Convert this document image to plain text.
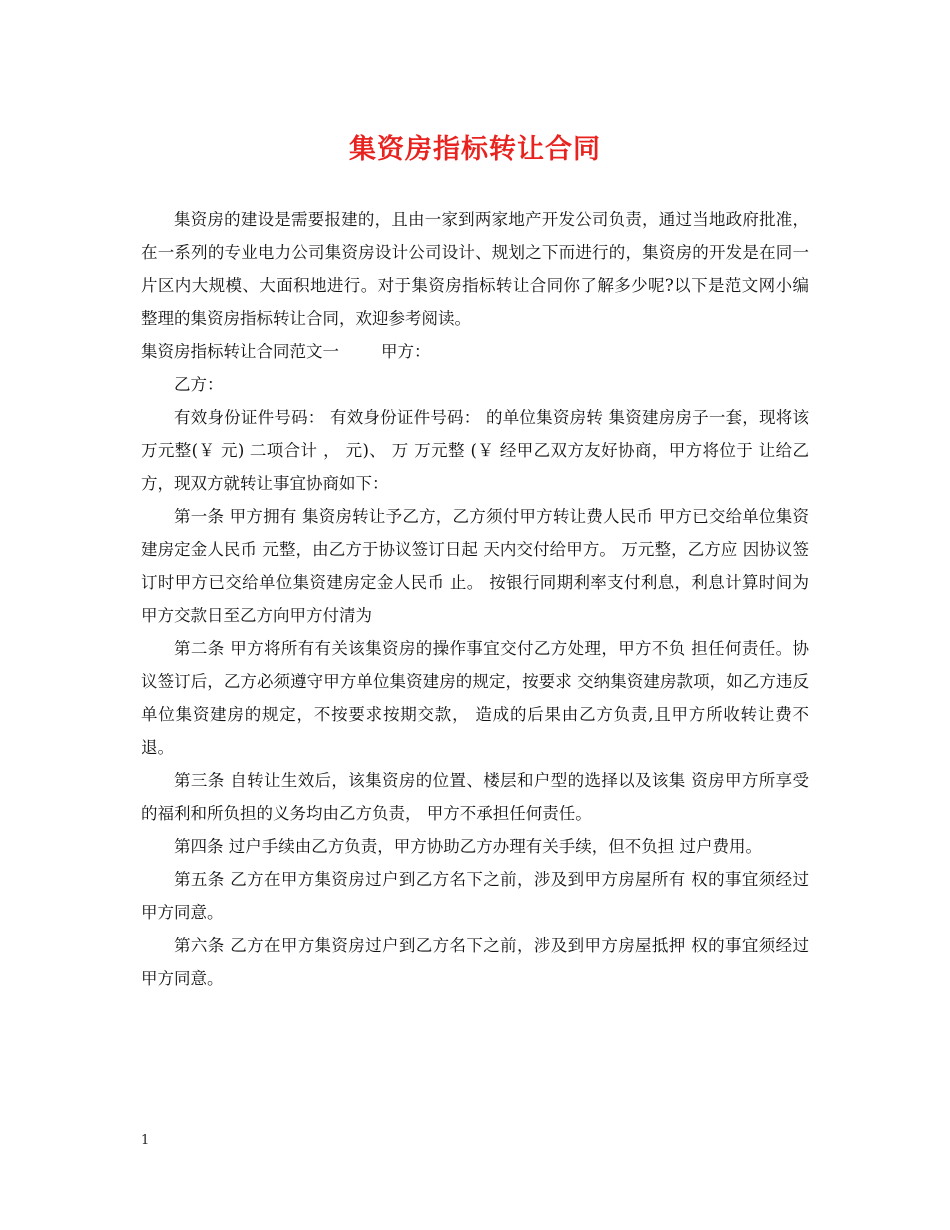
集资房指标转让合同

集资房的建设是需要报建的，且由一家到两家地产开发公司负责，通过当地政府批准，在一系列的专业电力公司集资房设计公司设计、规划之下而进行的，集资房的开发是在同一片区内大规模、大面积地进行。对于集资房指标转让合同你了解多少呢?以下是范文网小编整理的集资房指标转让合同，欢迎参考阅读。

集资房指标转让合同范文一        甲方：

乙方：

有效身份证件号码： 有效身份证件号码： 的单位集资房转 集资建房房子一套，现将该 万元整(￥ 元) 二项合计 ， 元)、 万 万元整 (￥ 经甲乙双方友好协商，甲方将位于 让给乙方，现双方就转让事宜协商如下：

第一条 甲方拥有 集资房转让予乙方，乙方须付甲方转让费人民币 甲方已交给单位集资建房定金人民币 元整，由乙方于协议签订日起 天内交付给甲方。 万元整，乙方应 因协议签订时甲方已交给单位集资建房定金人民币 止。 按银行同期利率支付利息，利息计算时间为甲方交款日至乙方向甲方付清为

第二条 甲方将所有有关该集资房的操作事宜交付乙方处理，甲方不负 担任何责任。协议签订后，乙方必须遵守甲方单位集资建房的规定，按要求 交纳集资建房款项，如乙方违反单位集资建房的规定，不按要求按期交款， 造成的后果由乙方负责,且甲方所收转让费不退。

第三条 自转让生效后，该集资房的位置、楼层和户型的选择以及该集 资房甲方所享受的福利和所负担的义务均由乙方负责， 甲方不承担任何责任。

第四条 过户手续由乙方负责，甲方协助乙方办理有关手续，但不负担 过户费用。

第五条 乙方在甲方集资房过户到乙方名下之前，涉及到甲方房屋所有 权的事宜须经过甲方同意。

第六条 乙方在甲方集资房过户到乙方名下之前，涉及到甲方房屋抵押 权的事宜须经过甲方同意。

1
